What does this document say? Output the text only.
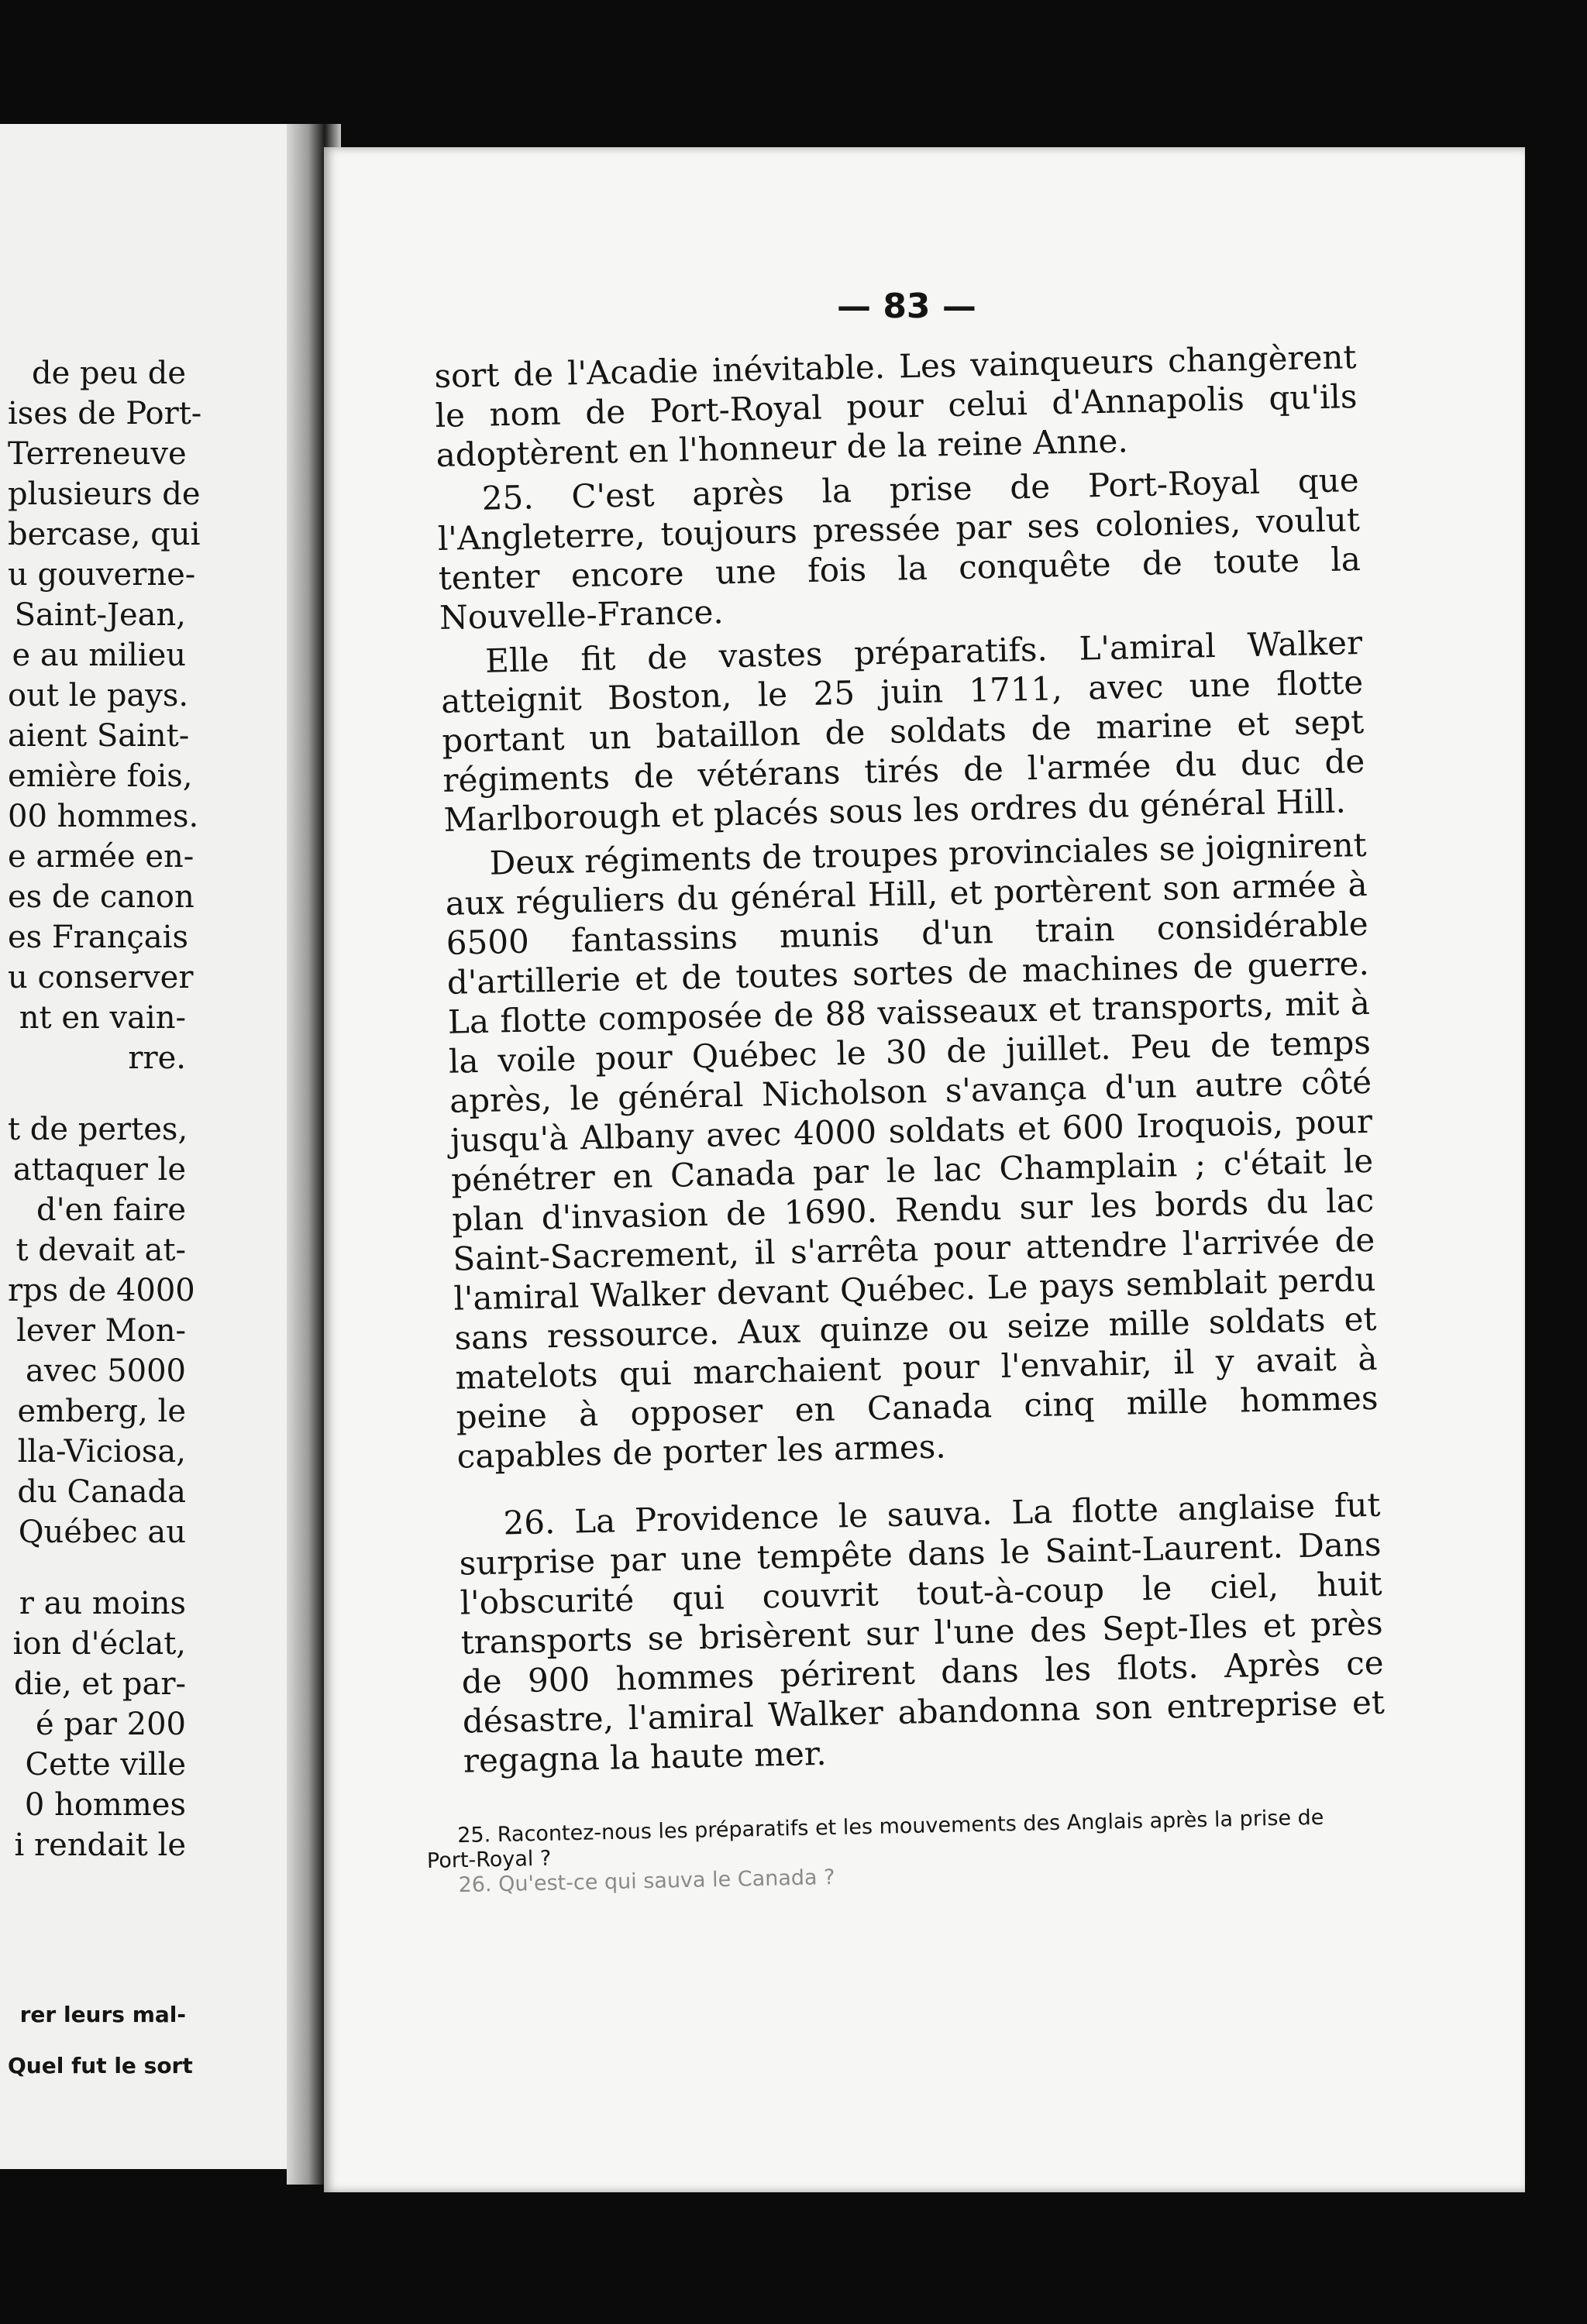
de peu de
ises de Port-
Terreneuve
plusieurs de
bercase, qui
u gouverne-
Saint-Jean,
e au milieu
out le pays.
aient Saint-
emière fois,
00 hommes.
e armée en-
es de canon
es Français
u conserver
nt en vain-
rre.
t de pertes,
attaquer le
d'en faire
t devait at-
rps de 4000
lever Mon-
avec 5000
emberg, le
lla-Viciosa,
du Canada
Québec au
r au moins
ion d'éclat,
die, et par-
é par 200
Cette ville
0 hommes
i rendait le
rer leurs mal-
Quel fut le sort
— 83 —

sort de l'Acadie inévitable. Les vainqueurs changèrent le nom de Port-Royal pour celui d'Annapolis qu'ils adoptèrent en l'honneur de la reine Anne.

25. C'est après la prise de Port-Royal que l'Angleterre, toujours pressée par ses colonies, voulut tenter encore une fois la conquête de toute la Nouvelle-France.

Elle fit de vastes préparatifs. L'amiral Walker atteignit Boston, le 25 juin 1711, avec une flotte portant un bataillon de soldats de marine et sept régiments de vétérans tirés de l'armée du duc de Marlborough et placés sous les ordres du général Hill.

Deux régiments de troupes provinciales se joignirent aux réguliers du général Hill, et portèrent son armée à 6500 fantassins munis d'un train considérable d'artillerie et de toutes sortes de machines de guerre. La flotte composée de 88 vaisseaux et transports, mit à la voile pour Québec le 30 de juillet. Peu de temps après, le général Nicholson s'avança d'un autre côté jusqu'à Albany avec 4000 soldats et 600 Iroquois, pour pénétrer en Canada par le lac Champlain ; c'était le plan d'invasion de 1690. Rendu sur les bords du lac Saint-Sacrement, il s'arrêta pour attendre l'arrivée de l'amiral Walker devant Québec. Le pays semblait perdu sans ressource. Aux quinze ou seize mille soldats et matelots qui marchaient pour l'envahir, il y avait à peine à opposer en Canada cinq mille hommes capables de porter les armes.

26. La Providence le sauva. La flotte anglaise fut surprise par une tempête dans le Saint-Laurent. Dans l'obscurité qui couvrit tout-à-coup le ciel, huit transports se brisèrent sur l'une des Sept-Iles et près de 900 hommes périrent dans les flots. Après ce désastre, l'amiral Walker abandonna son entreprise et regagna la haute mer.

25. Racontez-nous les préparatifs et les mouvements des Anglais après la prise de Port-Royal ?

26. Qu'est-ce qui sauva le Canada ?
